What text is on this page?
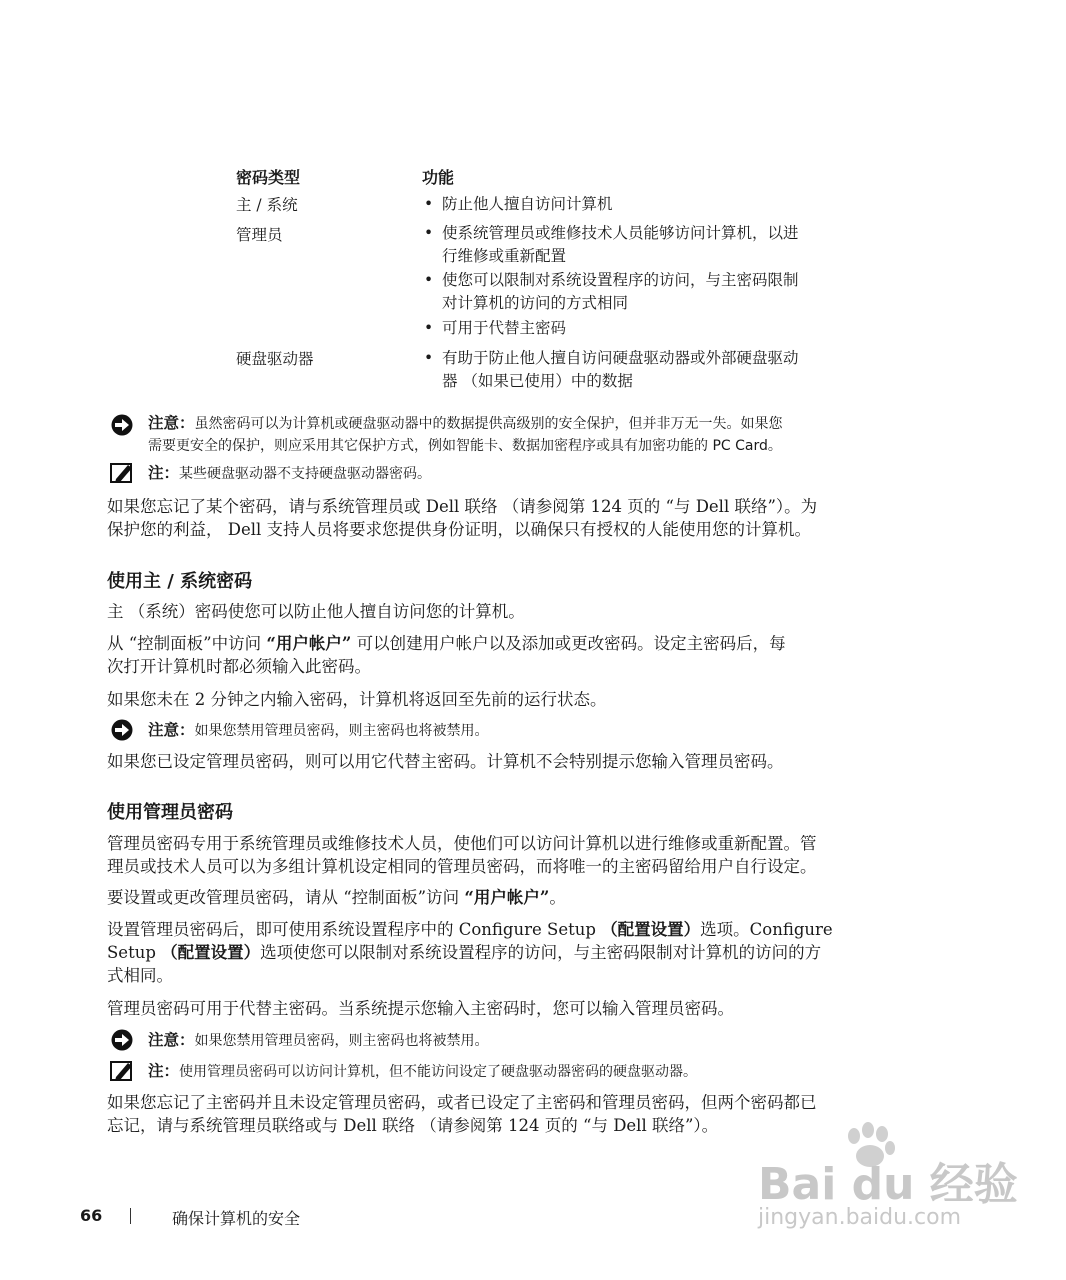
密码类型	功能
主 / 系统	• 防止他人擅自访问计算机
管理员	• 使系统管理员或维修技术人员能够访问计算机，以进
行维修或重新配置
• 使您可以限制对系统设置程序的访问，与主密码限制
对计算机的访问的方式相同
• 可用于代替主密码
硬盘驱动器	• 有助于防止他人擅自访问硬盘驱动器或外部硬盘驱动
器 （如果已使用）中的数据
注意：虽然密码可以为计算机或硬盘驱动器中的数据提供高级别的安全保护，但并非万无一失。如果您
需要更安全的保护，则应采用其它保护方式，例如智能卡、数据加密程序或具有加密功能的 PC Card。
注：某些硬盘驱动器不支持硬盘驱动器密码。
如果您忘记了某个密码，请与系统管理员或 Dell 联络 （请参阅第 124 页的 “与 Dell 联络”）。为
保护您的利益， Dell 支持人员将要求您提供身份证明，以确保只有授权的人能使用您的计算机。
使用主 / 系统密码
主 （系统）密码使您可以防止他人擅自访问您的计算机。
从 “控制面板”中访问 “用户帐户” 可以创建用户帐户以及添加或更改密码。设定主密码后，每
次打开计算机时都必须输入此密码。
如果您未在 2 分钟之内输入密码，计算机将返回至先前的运行状态。
注意：如果您禁用管理员密码，则主密码也将被禁用。
如果您已设定管理员密码，则可以用它代替主密码。计算机不会特别提示您输入管理员密码。
使用管理员密码
管理员密码专用于系统管理员或维修技术人员，使他们可以访问计算机以进行维修或重新配置。管
理员或技术人员可以为多组计算机设定相同的管理员密码，而将唯一的主密码留给用户自行设定。
要设置或更改管理员密码，请从 “控制面板”访问 “用户帐户”。
设置管理员密码后，即可使用系统设置程序中的 Configure Setup （配置设置）选项。Configure
Setup （配置设置）选项使您可以限制对系统设置程序的访问，与主密码限制对计算机的访问的方
式相同。
管理员密码可用于代替主密码。当系统提示您输入主密码时，您可以输入管理员密码。
注意：如果您禁用管理员密码，则主密码也将被禁用。
注：使用管理员密码可以访问计算机，但不能访问设定了硬盘驱动器密码的硬盘驱动器。
如果您忘记了主密码并且未设定管理员密码，或者已设定了主密码和管理员密码，但两个密码都已
忘记，请与系统管理员联络或与 Dell 联络 （请参阅第 124 页的 “与 Dell 联络”）。
66	确保计算机的安全
Bai du 经验
jingyan.baidu.com
